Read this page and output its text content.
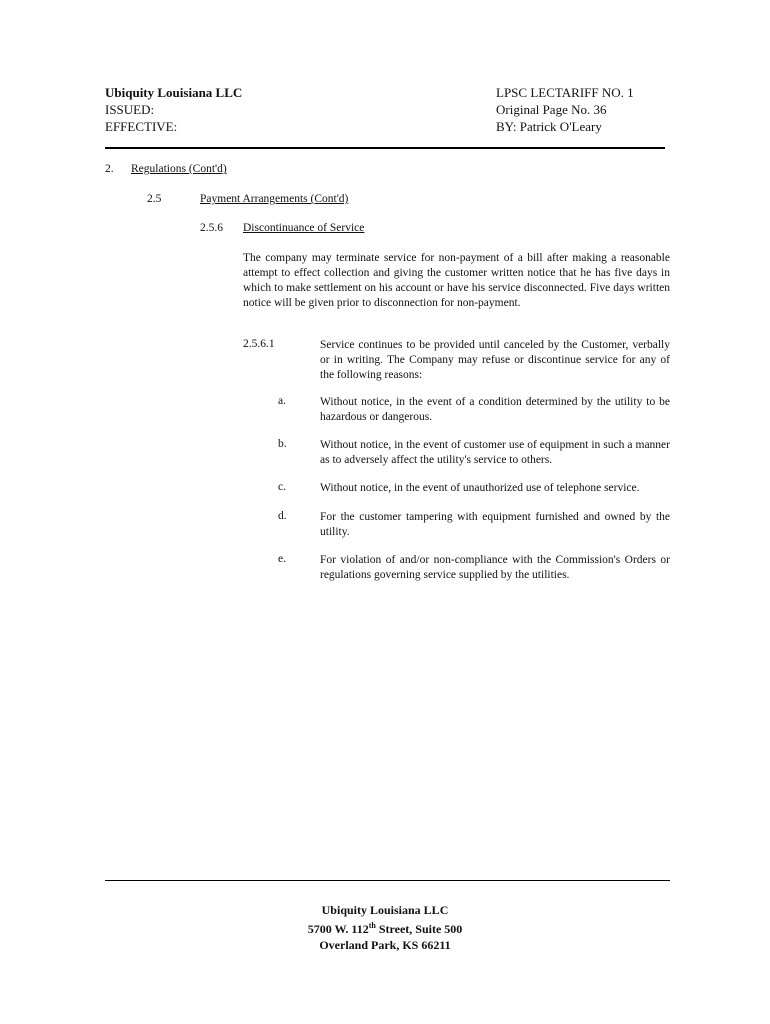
Ubiquity Louisiana LLC
ISSUED:
EFFECTIVE:
LPSC LECTARIFF NO. 1
Original Page No. 36
BY: Patrick O'Leary
2. Regulations (Cont'd)
2.5	Payment Arrangements (Cont'd)
2.5.6 Discontinuance of Service
The company may terminate service for non-payment of a bill after making a reasonable attempt to effect collection and giving the customer written notice that he has five days in which to make settlement on his account or have his service disconnected. Five days written notice will be given prior to disconnection for non-payment.
2.5.6.1	Service continues to be provided until canceled by the Customer, verbally or in writing. The Company may refuse or discontinue service for any of the following reasons:
a.	Without notice, in the event of a condition determined by the utility to be hazardous or dangerous.
b.	Without notice, in the event of customer use of equipment in such a manner as to adversely affect the utility's service to others.
c.	Without notice, in the event of unauthorized use of telephone service.
d.	For the customer tampering with equipment furnished and owned by the utility.
e.	For violation of and/or non-compliance with the Commission's Orders or regulations governing service supplied by the utilities.
Ubiquity Louisiana LLC
5700 W. 112th Street, Suite 500
Overland Park, KS 66211
